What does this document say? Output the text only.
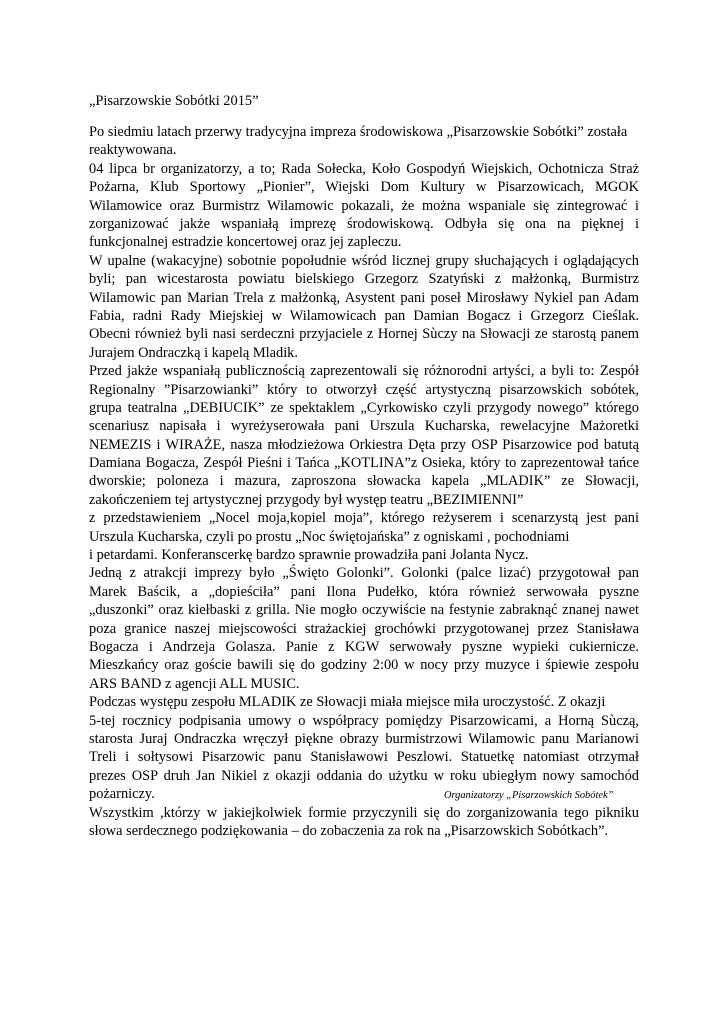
„Pisarzowskie Sobótki 2015”

Po siedmiu latach przerwy tradycyjna impreza środowiskowa „Pisarzowskie Sobótki” została
reaktywowana.
04 lipca br organizatorzy, a to; Rada Sołecka, Koło Gospodyń Wiejskich, Ochotnicza Straż
Pożarna, Klub Sportowy „Pionier”, Wiejski Dom Kultury w Pisarzowicach, MGOK
Wilamowice oraz Burmistrz Wilamowic pokazali, że można wspaniale się zintegrować i
zorganizować jakże wspaniałą imprezę środowiskową. Odbyła się ona na pięknej i
funkcjonalnej estradzie koncertowej oraz jej zapleczu.
W upalne (wakacyjne) sobotnie popołudnie wśród licznej grupy słuchających i oglądających
byli; pan wicestarosta powiatu bielskiego Grzegorz Szatyński z małżonką, Burmistrz
Wilamowic pan Marian Trela z małżonką, Asystent pani poseł Mirosławy Nykiel pan Adam
Fabia, radni Rady Miejskiej w Wilamowicach pan Damian Bogacz i Grzegorz Cieślak.
Obecni również byli nasi serdeczni przyjaciele z Hornej Sùczy na Słowacji ze starostą panem
Jurajem Ondraczką i kapelą Mladik.
Przed jakże wspaniałą publicznością zaprezentowali się różnorodni artyści, a byli to: Zespół
Regionalny ”Pisarzowianki” który to otworzył część artystyczną pisarzowskich sobótek,
grupa teatralna „DEBIUCIK” ze spektaklem „Cyrkowisko czyli przygody nowego” którego
scenariusz napisała i wyreżyserowała pani Urszula Kucharska, rewelacyjne Mażoretki
NEMEZIS i WIRAŻE, nasza młodzieżowa Orkiestra Dęta przy OSP Pisarzowice pod batutą
Damiana Bogacza, Zespół Pieśni i Tańca „KOTLINA”z Osieka, który to zaprezentował tańce
dworskie; poloneza i mazura, zaproszona słowacka kapela „MLADIK” ze Słowacji,
zakończeniem tej artystycznej przygody był występ teatru „BEZIMIENNI”
z przedstawieniem „Nocel moja,kopiel moja”, którego reżyserem i scenarzystą jest pani
Urszula Kucharska, czyli po prostu „Noc świętojańska” z ogniskami , pochodniami
i petardami. Konferanscerkę bardzo sprawnie prowadziła pani Jolanta Nycz.
Jedną z atrakcji imprezy było „Święto Golonki”. Golonki (palce lizać) przygotował pan
Marek Baścik, a „dopieściła” pani Ilona Pudełko, która również serwowała pyszne
„duszonki” oraz kiełbaski z grilla. Nie mogło oczywiście na festynie zabraknąć znanej nawet
poza granice naszej miejscowości strażackiej grochówki przygotowanej przez Stanisława
Bogacza i Andrzeja Golasza. Panie z KGW serwowały pyszne wypieki cukiernicze.
Mieszkańcy oraz goście bawili się do godziny 2:00 w nocy przy muzyce i śpiewie zespołu
ARS BAND z agencji ALL MUSIC.
Podczas występu zespołu MLADIK ze Słowacji miała miejsce miła uroczystość. Z okazji
5-tej rocznicy podpisania umowy o współpracy pomiędzy Pisarzowicami, a Horną Sùczą,
starosta Juraj Ondraczka wręczył piękne obrazy burmistrzowi Wilamowic panu Marianowi
Treli i sołtysowi Pisarzowic panu Stanisławowi Peszlowi. Statuetkę natomiast otrzymał
prezes OSP druh Jan Nikiel z okazji oddania do użytku w roku ubiegłym nowy samochód
pożarniczy.
Wszystkim ,którzy w jakiejkolwiek formie przyczynili się do zorganizowania tego pikniku
słowa serdecznego podziękowania – do zobaczenia za rok na „Pisarzowskich Sobótkach”.
Organizatorzy „Pisarzowskich Sobótek”
